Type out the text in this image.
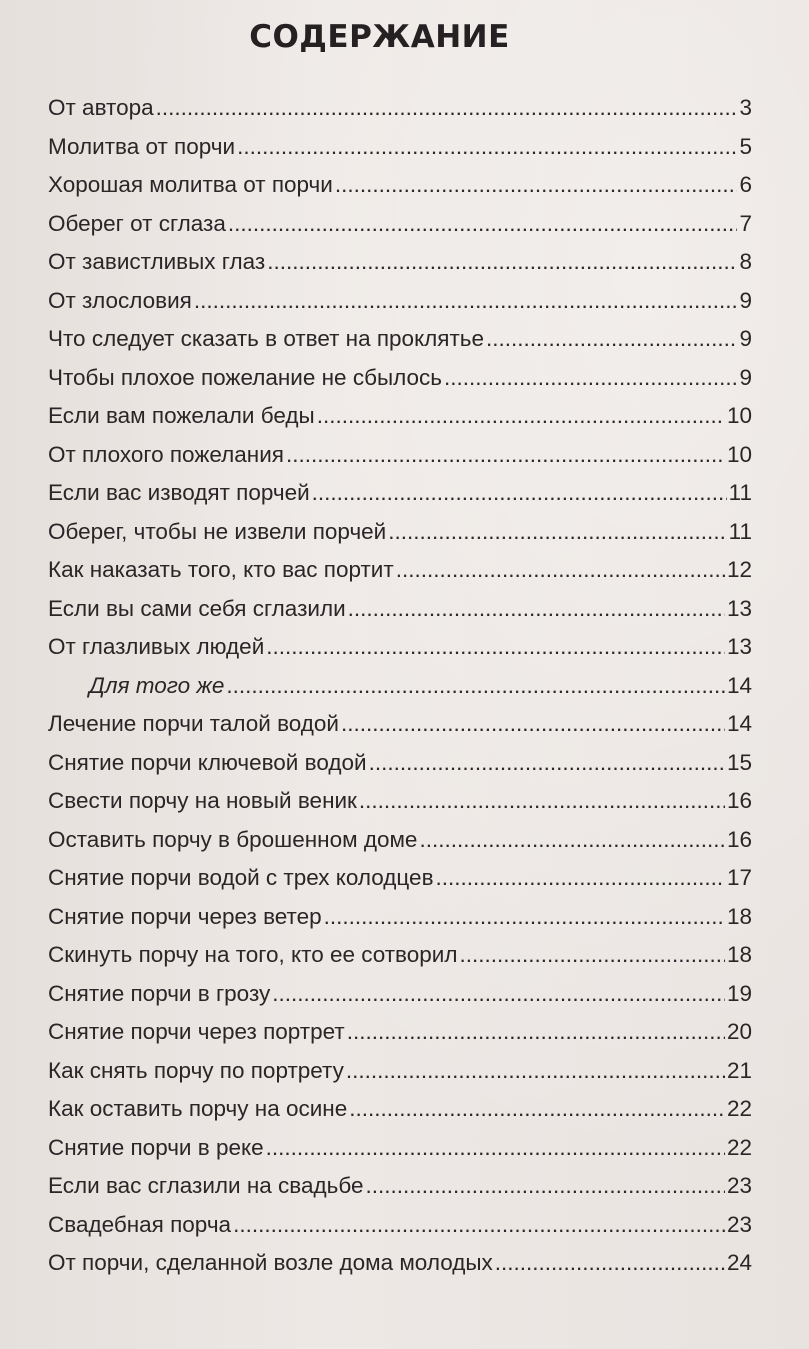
СОДЕРЖАНИЕ
От автора .....	3
Молитва от порчи .....	5
Хорошая молитва от порчи .....	6
Оберег от сглаза .....	7
От завистливых глаз .....	8
От злословия .....	9
Что следует сказать в ответ на проклятье .....	9
Чтобы плохое пожелание не сбылось .....	9
Если вам пожелали беды .....	10
От плохого пожелания .....	10
Если вас изводят порчей .....	11
Оберег, чтобы не извели порчей .....	11
Как наказать того, кто вас портит .....	12
Если вы сами себя сглазили .....	13
От глазливых людей .....	13
Для того же .....	14
Лечение порчи талой водой .....	14
Снятие порчи ключевой водой .....	15
Свести порчу на новый веник .....	16
Оставить порчу в брошенном доме .....	16
Снятие порчи водой с трех колодцев .....	17
Снятие порчи через ветер .....	18
Скинуть порчу на того, кто ее сотворил .....	18
Снятие порчи в грозу .....	19
Снятие порчи через портрет .....	20
Как снять порчу по портрету .....	21
Как оставить порчу на осине .....	22
Снятие порчи в реке .....	22
Если вас сглазили на свадьбе .....	23
Свадебная порча .....	23
От порчи, сделанной возле дома молодых .....	24
